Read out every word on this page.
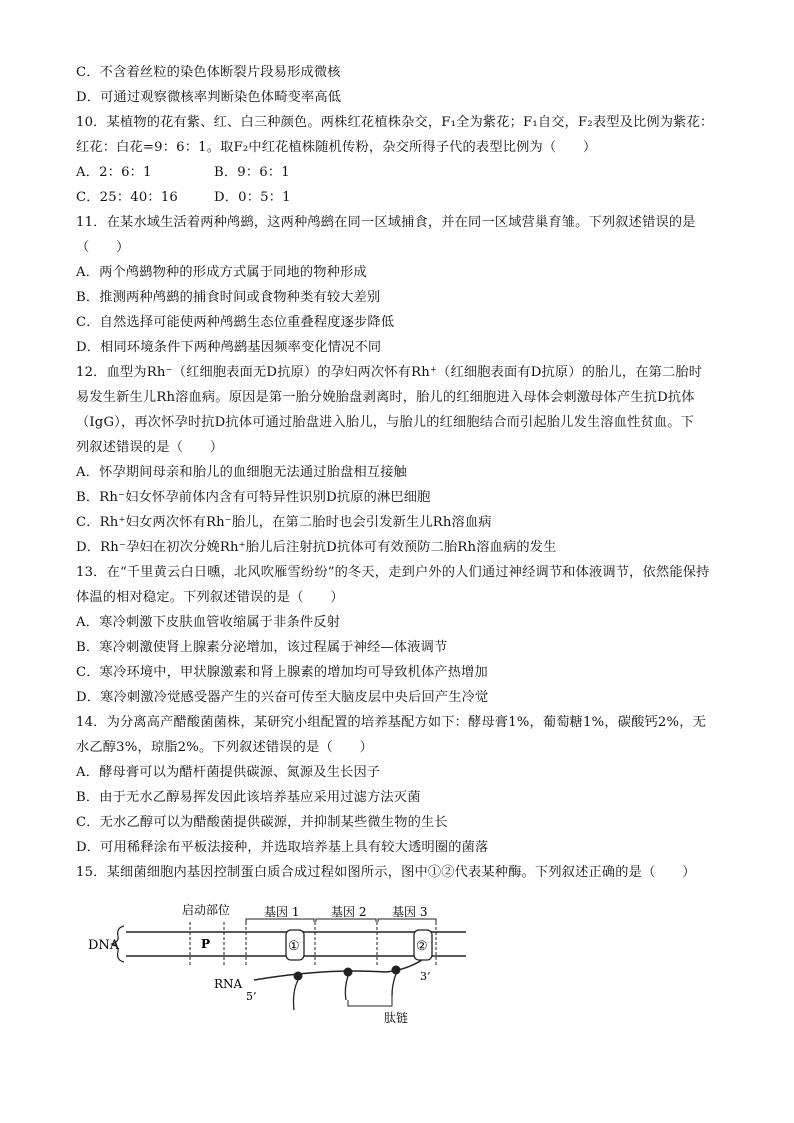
C．不含着丝粒的染色体断裂片段易形成微核
D．可通过观察微核率判断染色体畸变率高低
10．某植物的花有紫、红、白三种颜色。两株红花植株杂交，F₁全为紫花；F₁自交，F₂表型及比例为紫花：
红花：白花=9：6：1。取F₂中红花植株随机传粉，杂交所得子代的表型比例为（　　）
A．2：6：1	B．9：6：1
C．25：40：16	D．0：5：1
11．在某水域生活着两种鸬鹚，这两种鸬鹚在同一区域捕食，并在同一区域营巢育雏。下列叙述错误的是
（　　）
A．两个鸬鹚物种的形成方式属于同地的物种形成
B．推测两种鸬鹚的捕食时间或食物种类有较大差别
C．自然选择可能使两种鸬鹚生态位重叠程度逐步降低
D．相同环境条件下两种鸬鹚基因频率变化情况不同
12．血型为Rh⁻（红细胞表面无D抗原）的孕妇两次怀有Rh⁺（红细胞表面有D抗原）的胎儿，在第二胎时
易发生新生儿Rh溶血病。原因是第一胎分娩胎盘剥离时，胎儿的红细胞进入母体会刺激母体产生抗D抗体
（IgG），再次怀孕时抗D抗体可通过胎盘进入胎儿，与胎儿的红细胞结合而引起胎儿发生溶血性贫血。下
列叙述错误的是（　　）
A．怀孕期间母亲和胎儿的血细胞无法通过胎盘相互接触
B．Rh⁻妇女怀孕前体内含有可特异性识别D抗原的淋巴细胞
C．Rh⁺妇女两次怀有Rh⁻胎儿，在第二胎时也会引发新生儿Rh溶血病
D．Rh⁻孕妇在初次分娩Rh⁺胎儿后注射抗D抗体可有效预防二胎Rh溶血病的发生
13．在“千里黄云白日曛，北风吹雁雪纷纷”的冬天，走到户外的人们通过神经调节和体液调节，依然能保持
体温的相对稳定。下列叙述错误的是（　　）
A．寒冷刺激下皮肤血管收缩属于非条件反射
B．寒冷刺激使肾上腺素分泌增加，该过程属于神经—体液调节
C．寒冷环境中，甲状腺激素和肾上腺素的增加均可导致机体产热增加
D．寒冷刺激冷觉感受器产生的兴奋可传至大脑皮层中央后回产生冷觉
14．为分离高产醋酸菌菌株，某研究小组配置的培养基配方如下：酵母膏1%，葡萄糖1%，碳酸钙2%，无
水乙醇3%，琼脂2%。下列叙述错误的是（　　）
A．酵母膏可以为醋杆菌提供碳源、氮源及生长因子
B．由于无水乙醇易挥发因此该培养基应采用过滤方法灭菌
C．无水乙醇可以为醋酸菌提供碳源，并抑制某些微生物的生长
D．可用稀释涂布平板法接种，并选取培养基上具有较大透明圈的菌落
15．某细菌细胞内基因控制蛋白质合成过程如图所示，图中①②代表某种酶。下列叙述正确的是（　　）
DNA
启动部位
P
基因 1	基因 2 基因 3
①	②
RNA
5’
3’
肽链
